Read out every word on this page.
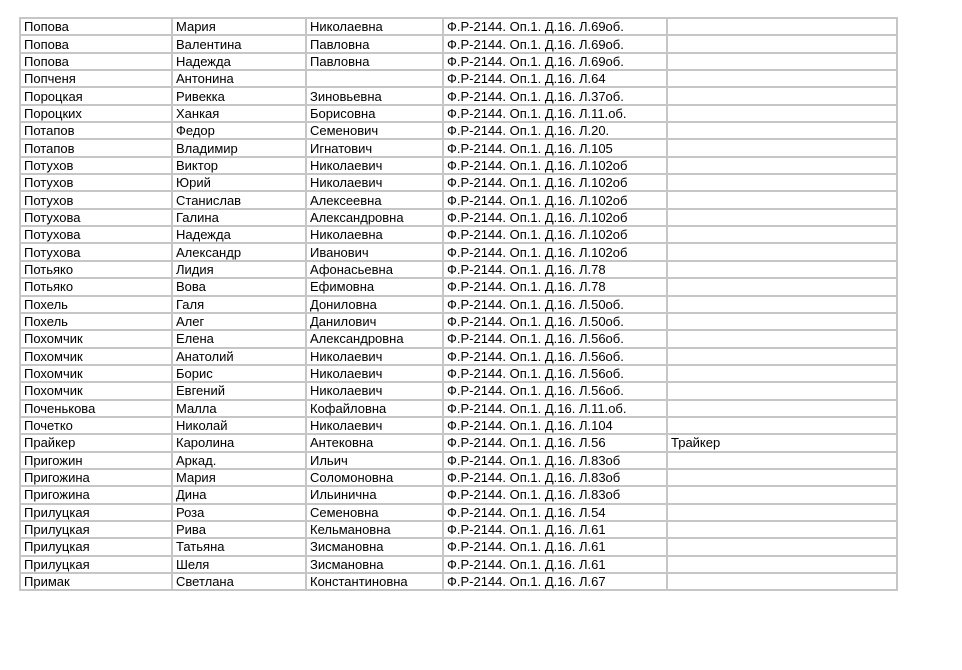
Попова	Мария	Николаевна	Ф.Р-2144. Оп.1. Д.16. Л.69об.	
Попова	Валентина	Павловна	Ф.Р-2144. Оп.1. Д.16. Л.69об.	
Попова	Надежда	Павловна	Ф.Р-2144. Оп.1. Д.16. Л.69об.	
Попченя	Антонина		Ф.Р-2144. Оп.1. Д.16. Л.64	
Пороцкая	Ривекка	Зиновьевна	Ф.Р-2144. Оп.1. Д.16. Л.37об.	
Пороцких	Ханкая	Борисовна	Ф.Р-2144. Оп.1. Д.16. Л.11.об.	
Потапов	Федор	Семенович	Ф.Р-2144. Оп.1. Д.16. Л.20.	
Потапов	Владимир	Игнатович	Ф.Р-2144. Оп.1. Д.16. Л.105	
Потухов	Виктор	Николаевич	Ф.Р-2144. Оп.1. Д.16. Л.102об	
Потухов	Юрий	Николаевич	Ф.Р-2144. Оп.1. Д.16. Л.102об	
Потухов	Станислав	Алексеевна	Ф.Р-2144. Оп.1. Д.16. Л.102об	
Потухова	Галина	Александровна	Ф.Р-2144. Оп.1. Д.16. Л.102об	
Потухова	Надежда	Николаевна	Ф.Р-2144. Оп.1. Д.16. Л.102об	
Потухова	Александр	Иванович	Ф.Р-2144. Оп.1. Д.16. Л.102об	
Потьяко	Лидия	Афонасьевна	Ф.Р-2144. Оп.1. Д.16. Л.78	
Потьяко	Вова	Ефимовна	Ф.Р-2144. Оп.1. Д.16. Л.78	
Похель	Галя	Дониловна	Ф.Р-2144. Оп.1. Д.16. Л.50об.	
Похель	Алег	Данилович	Ф.Р-2144. Оп.1. Д.16. Л.50об.	
Похомчик	Елена	Александровна	Ф.Р-2144. Оп.1. Д.16. Л.56об.	
Похомчик	Анатолий	Николаевич	Ф.Р-2144. Оп.1. Д.16. Л.56об.	
Похомчик	Борис	Николаевич	Ф.Р-2144. Оп.1. Д.16. Л.56об.	
Похомчик	Евгений	Николаевич	Ф.Р-2144. Оп.1. Д.16. Л.56об.	
Поченькова	Малла	Кофайловна	Ф.Р-2144. Оп.1. Д.16. Л.11.об.	
Почетко	Николай	Николаевич	Ф.Р-2144. Оп.1. Д.16. Л.104	
Прайкер	Каролина	Антековна	Ф.Р-2144. Оп.1. Д.16. Л.56	Трайкер
Пригожин	Аркад.	Ильич	Ф.Р-2144. Оп.1. Д.16. Л.83об	
Пригожина	Мария	Соломоновна	Ф.Р-2144. Оп.1. Д.16. Л.83об	
Пригожина	Дина	Ильинична	Ф.Р-2144. Оп.1. Д.16. Л.83об	
Прилуцкая	Роза	Семеновна	Ф.Р-2144. Оп.1. Д.16. Л.54	
Прилуцкая	Рива	Кельмановна	Ф.Р-2144. Оп.1. Д.16. Л.61	
Прилуцкая	Татьяна	Зисмановна	Ф.Р-2144. Оп.1. Д.16. Л.61	
Прилуцкая	Шеля	Зисмановна	Ф.Р-2144. Оп.1. Д.16. Л.61	
Примак	Светлана	Константиновна	Ф.Р-2144. Оп.1. Д.16. Л.67	
